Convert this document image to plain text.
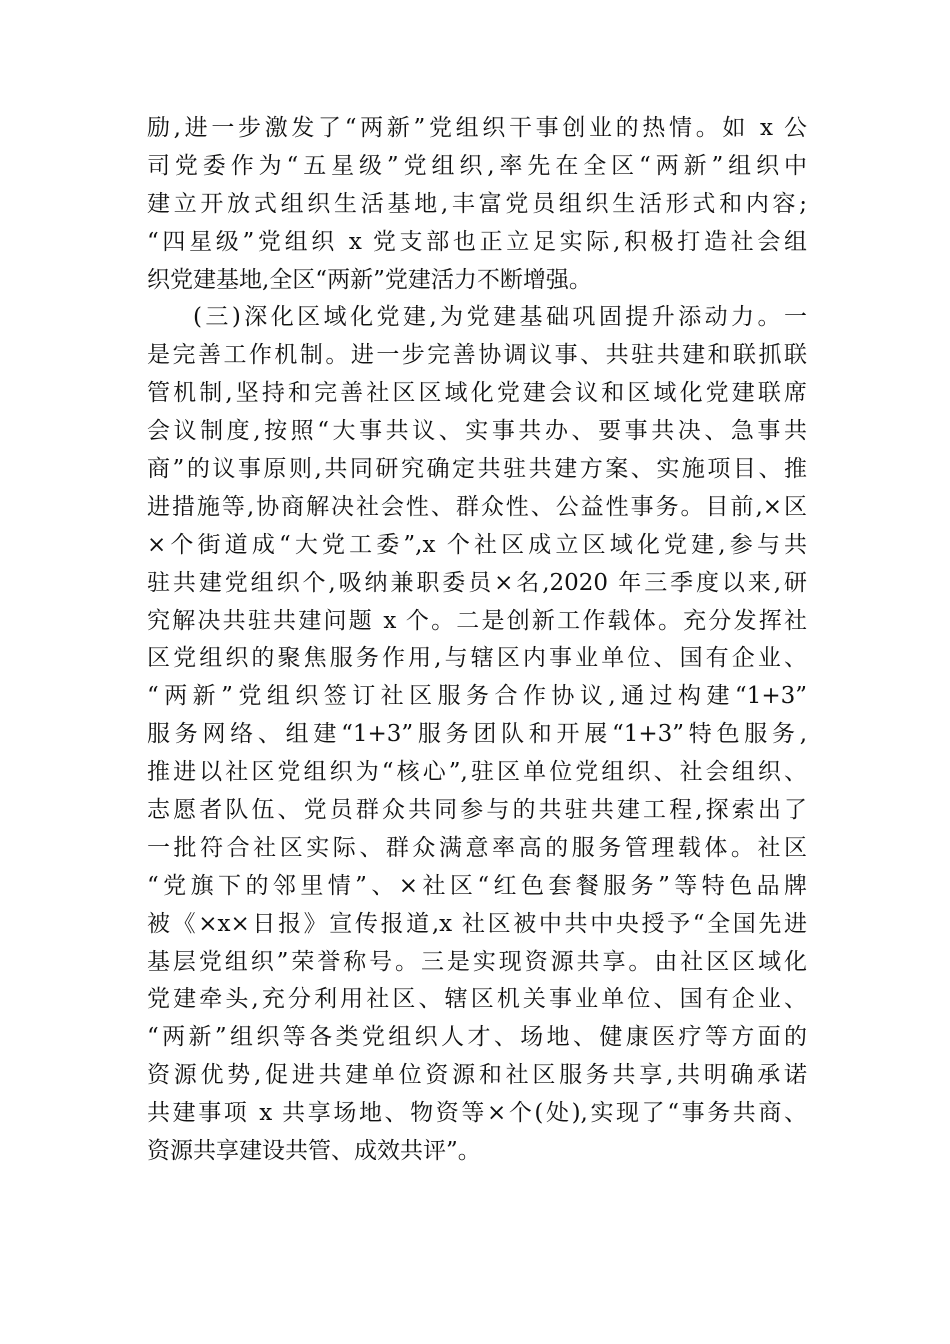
励,进一步激发了“两新”党组织干事创业的热情。如 x 公
司党委作为“五星级”党组织,率先在全区“两新”组织中
建立开放式组织生活基地,丰富党员组织生活形式和内容;
“四星级”党组织 x 党支部也正立足实际,积极打造社会组
织党建基地,全区“两新”党建活力不断增强。
(三)深化区域化党建,为党建基础巩固提升添动力。一
是完善工作机制。进一步完善协调议事、共驻共建和联抓联
管机制,坚持和完善社区区域化党建会议和区域化党建联席
会议制度,按照“大事共议、实事共办、要事共决、急事共
商”的议事原则,共同研究确定共驻共建方案、实施项目、推
进措施等,协商解决社会性、群众性、公益性事务。目前,×区
×个街道成“大党工委”,x 个社区成立区域化党建,参与共
驻共建党组织个,吸纳兼职委员×名,2020 年三季度以来,研
究解决共驻共建问题 x 个。二是创新工作载体。充分发挥社
区党组织的聚焦服务作用,与辖区内事业单位、国有企业、
“两新”党组织签订社区服务合作协议,通过构建“1+3”
服务网络、组建“1+3”服务团队和开展“1+3”特色服务,
推进以社区党组织为“核心”,驻区单位党组织、社会组织、
志愿者队伍、党员群众共同参与的共驻共建工程,探索出了
一批符合社区实际、群众满意率高的服务管理载体。社区
“党旗下的邻里情”、×社区“红色套餐服务”等特色品牌
被《×x×日报》宣传报道,x 社区被中共中央授予“全国先进
基层党组织”荣誉称号。三是实现资源共享。由社区区域化
党建牵头,充分利用社区、辖区机关事业单位、国有企业、
“两新”组织等各类党组织人才、场地、健康医疗等方面的
资源优势,促进共建单位资源和社区服务共享,共明确承诺
共建事项 x 共享场地、物资等×个(处),实现了“事务共商、
资源共享建设共管、成效共评”。
